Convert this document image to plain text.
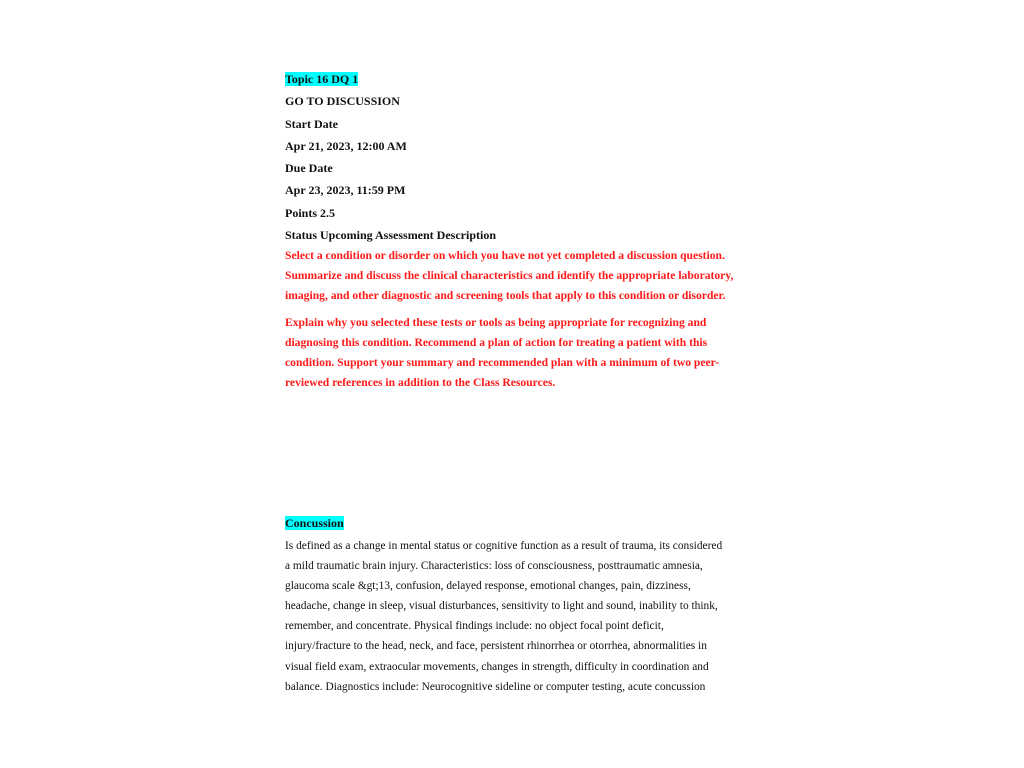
Topic 16 DQ 1

GO TO DISCUSSION

Start Date

Apr 21, 2023, 12:00 AM

Due Date

Apr 23, 2023, 11:59 PM

Points 2.5

Status Upcoming Assessment Description

Select a condition or disorder on which you have not yet completed a discussion question.
Summarize and discuss the clinical characteristics and identify the appropriate laboratory,
imaging, and other diagnostic and screening tools that apply to this condition or disorder.

Explain why you selected these tests or tools as being appropriate for recognizing and
diagnosing this condition. Recommend a plan of action for treating a patient with this
condition. Support your summary and recommended plan with a minimum of two peer-
reviewed references in addition to the Class Resources.

Concussion

Is defined as a change in mental status or cognitive function as a result of trauma, its considered
a mild traumatic brain injury. Characteristics: loss of consciousness, posttraumatic amnesia,
glaucoma scale &gt;13, confusion, delayed response, emotional changes, pain, dizziness,
headache, change in sleep, visual disturbances, sensitivity to light and sound, inability to think,
remember, and concentrate. Physical findings include: no object focal point deficit,
injury/fracture to the head, neck, and face, persistent rhinorrhea or otorrhea, abnormalities in
visual field exam, extraocular movements, changes in strength, difficulty in coordination and
balance. Diagnostics include: Neurocognitive sideline or computer testing, acute concussion
